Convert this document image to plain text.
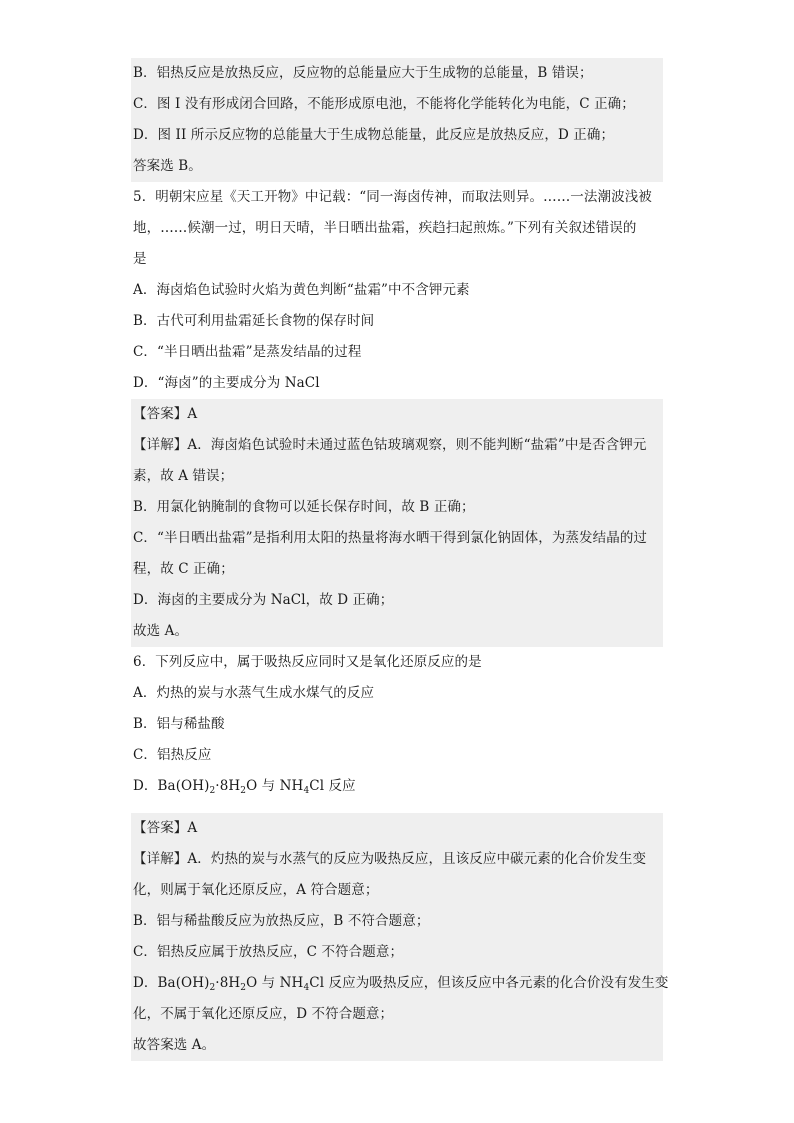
B．铝热反应是放热反应，反应物的总能量应大于生成物的总能量，B 错误；
C．图 I 没有形成闭合回路，不能形成原电池，不能将化学能转化为电能，C 正确；
D．图 II 所示反应物的总能量大于生成物总能量，此反应是放热反应，D 正确；
答案选 B。
5．明朝宋应星《天工开物》中记载：“同一海卤传神，而取法则异。……一法潮波浅被
地，……候潮一过，明日天晴，半日晒出盐霜，疾趋扫起煎炼。”下列有关叙述错误的
是
A．海卤焰色试验时火焰为黄色判断“盐霜”中不含钾元素
B．古代可利用盐霜延长食物的保存时间
C．“半日晒出盐霜”是蒸发结晶的过程
D．“海卤”的主要成分为 NaCl
【答案】A
【详解】A．海卤焰色试验时未通过蓝色钴玻璃观察，则不能判断“盐霜”中是否含钾元
素，故 A 错误；
B．用氯化钠腌制的食物可以延长保存时间，故 B 正确；
C．“半日晒出盐霜”是指利用太阳的热量将海水晒干得到氯化钠固体，为蒸发结晶的过
程，故 C 正确；
D．海卤的主要成分为 NaCl，故 D 正确；
故选 A。
6．下列反应中，属于吸热反应同时又是氧化还原反应的是
A．灼热的炭与水蒸气生成水煤气的反应
B．铝与稀盐酸
C．铝热反应
D．$Ba(OH)_2\cdot 8H_2O$ 与 $NH_4Cl$ 反应
【答案】A
【详解】A．灼热的炭与水蒸气的反应为吸热反应，且该反应中碳元素的化合价发生变
化，则属于氧化还原反应，A 符合题意；
B．铝与稀盐酸反应为放热反应，B 不符合题意；
C．铝热反应属于放热反应，C 不符合题意；
D．$Ba(OH)_2\cdot 8H_2O$ 与 $NH_4Cl$ 反应为吸热反应，但该反应中各元素的化合价没有发生变
化，不属于氧化还原反应，D 不符合题意；
故答案选 A。
